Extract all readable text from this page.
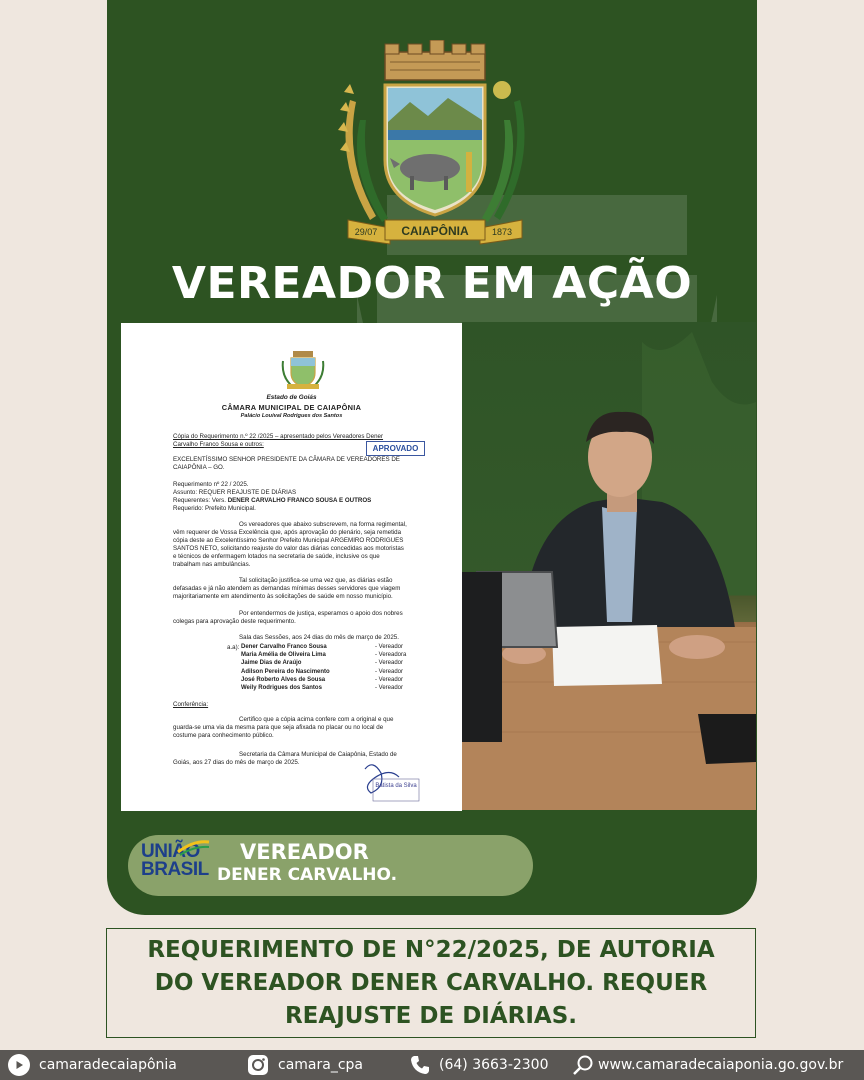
CAIAPÔNIA
29/07	1873
VEREADOR EM AÇÃO
Estado de Goiás
CÂMARA MUNICIPAL DE CAIAPÔNIA
Palácio Louival Rodrigues dos Santos
Cópia do Requerimento n.º 22 /2025 – apresentado pelos Vereadores Dener
Carvalho Franco Sousa e outros:	APROVADO
EXCELENTÍSSIMO SENHOR PRESIDENTE DA CÂMARA DE VEREADORES DE
CAIAPÔNIA – GO.
Requerimento nº 22 / 2025.
Assunto: REQUER REAJUSTE DE DIÁRIAS
Requerentes: Vers. DENER CARVALHO FRANCO SOUSA E OUTROS
Requerido: Prefeito Municipal.
Os vereadores que abaixo subscrevem, na forma regimental,
vêm requerer de Vossa Excelência que, após aprovação do plenário, seja remetida
cópia deste ao Excelentíssimo Senhor Prefeito Municipal ARGEMIRO RODRIGUES
SANTOS NETO, solicitando reajuste do valor das diárias concedidas aos motoristas
e técnicos de enfermagem lotados na secretaria de saúde, inclusive os que
trabalham nas ambulâncias.
Tal solicitação justifica-se uma vez que, as diárias estão
defasadas e já não atendem as demandas mínimas desses servidores que viagem
majoritariamente em atendimento às solicitações de saúde em nosso município.
Por entendermos de justiça, esperamos o apoio dos nobres
colegas para aprovação deste requerimento.
Sala das Sessões, aos 24 dias do mês de março de 2025.
a.a): Dener Carvalho Franco Sousa	- Vereador
Maria Amélia de Oliveira Lima	- Vereadora
Jaime Dias de Araújo	- Vereador
Adilson Pereira do Nascimento	- Vereador
José Roberto Alves de Sousa	- Vereador
Weily Rodrigues dos Santos	- Vereador
Conferência:
Certifico que a cópia acima confere com a original e que
guarda-se uma via da mesma para que seja afixada no placar ou no local de
costume para conhecimento público.
Secretaria da Câmara Municipal de Caiapônia, Estado de
Goiás, aos 27 dias do mês de março de 2025.
Batista da Silva
UNIÃO
BRASIL
VEREADOR
DENER CARVALHO.
REQUERIMENTO DE N°22/2025, DE AUTORIA
DO VEREADOR DENER CARVALHO. REQUER
REAJUSTE DE DIÁRIAS.
camaradecaiapônia	camara_cpa	(64) 3663-2300	www.camaradecaiaponia.go.gov.br
